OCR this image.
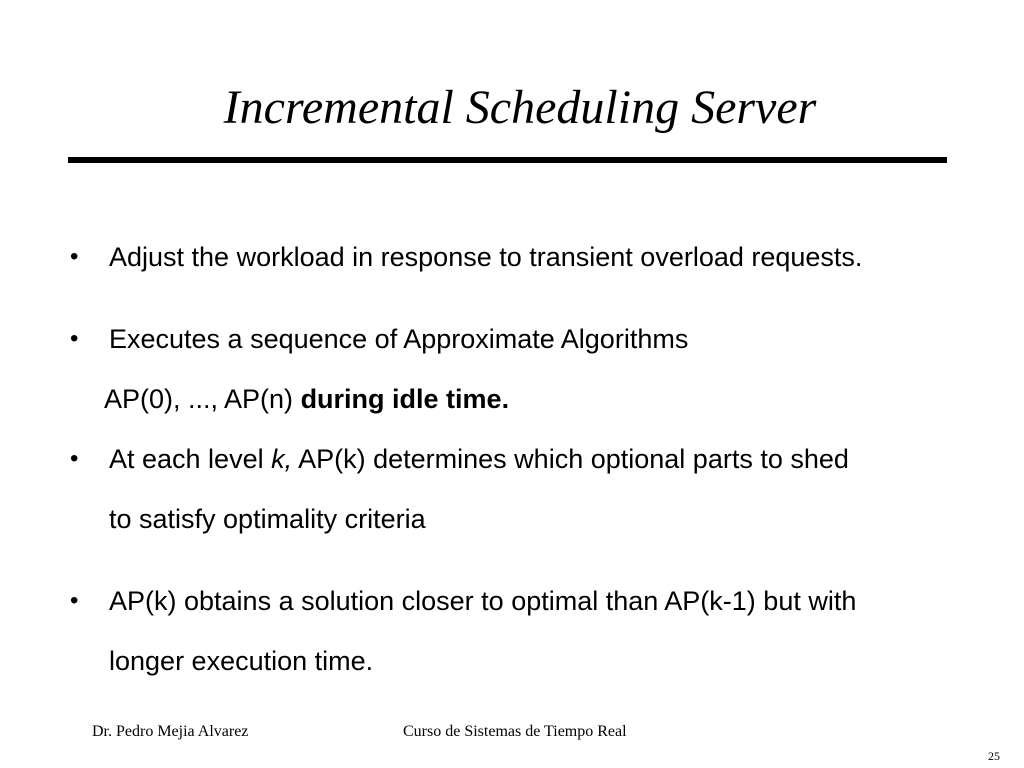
Incremental Scheduling Server
•	Adjust the workload in response to transient overload requests.
•	Executes a sequence of Approximate Algorithms
AP(0), ..., AP(n) during idle time.
•	At each level k, AP(k) determines which optional parts to shed
to satisfy optimality criteria
•	AP(k) obtains a solution closer to optimal than AP(k-1) but with
longer execution time.
Dr. Pedro Mejia Alvarez	Curso de Sistemas de Tiempo Real
25
